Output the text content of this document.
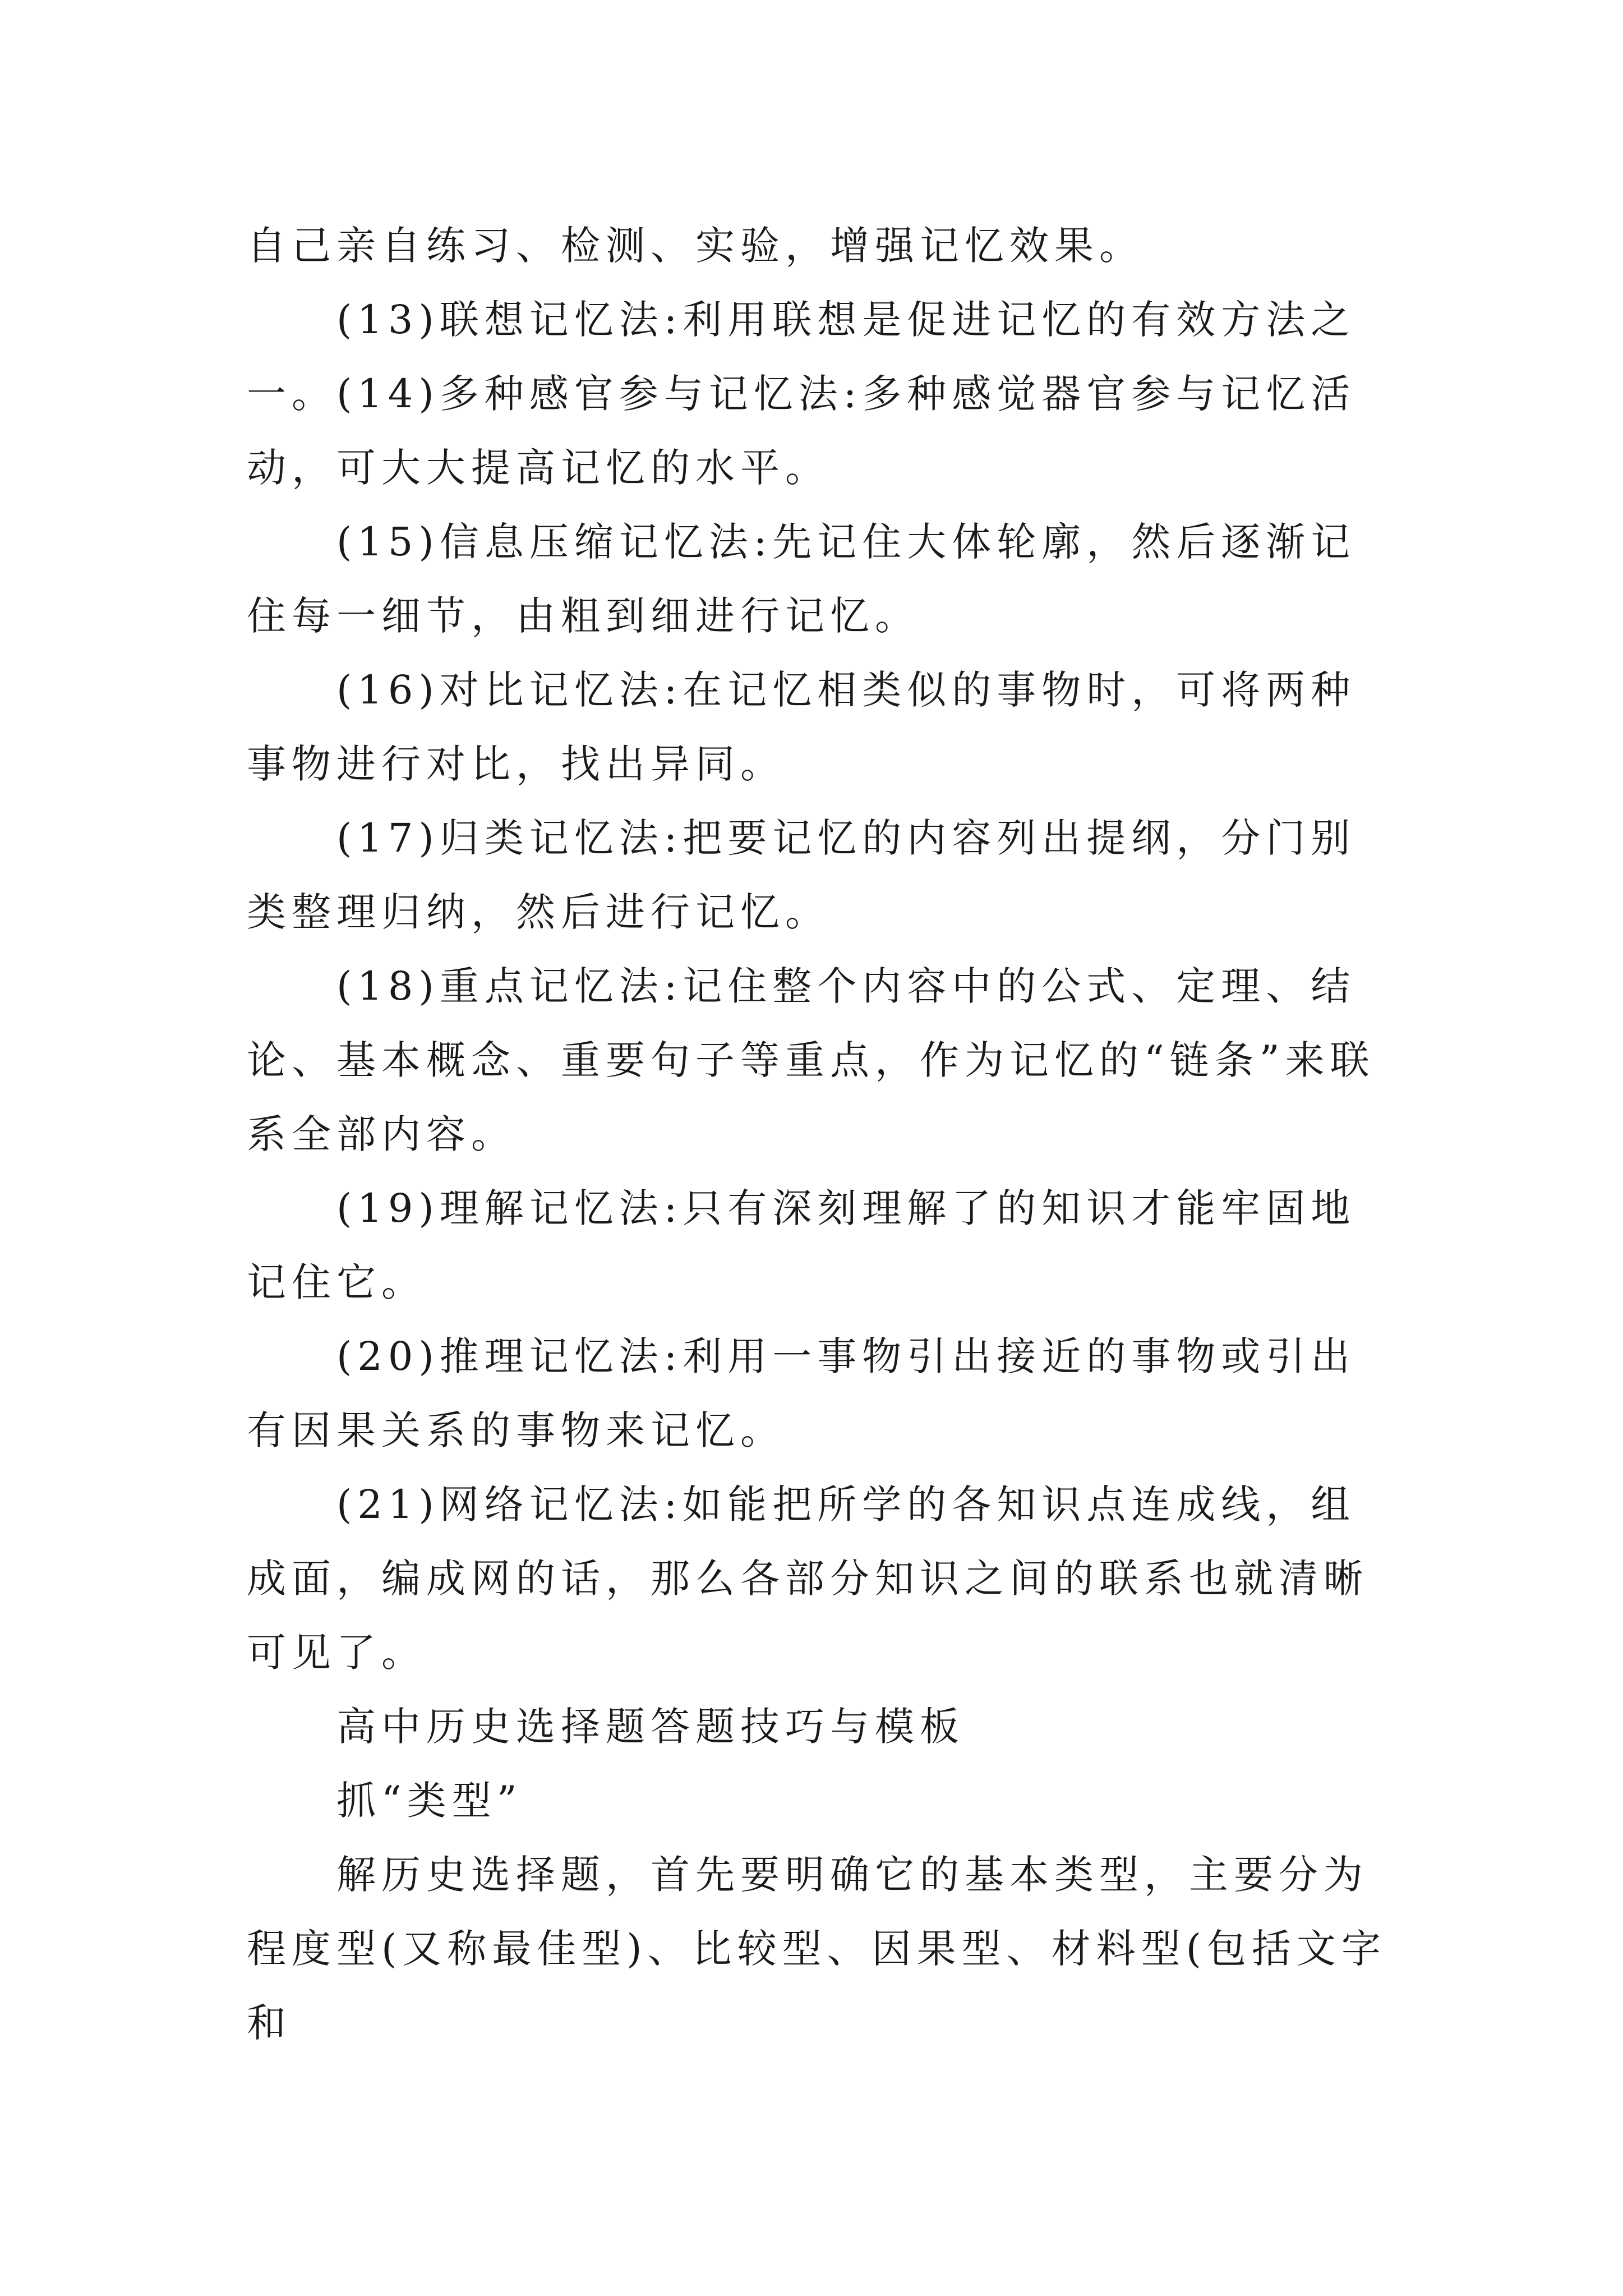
自己亲自练习、检测、实验，增强记忆效果。

(13)联想记忆法:利用联想是促进记忆的有效方法之一。 (14)多种感官参与记忆法:多种感觉器官参与记忆活动，可大大提高记忆的水平。

(15)信息压缩记忆法:先记住大体轮廓，然后逐渐记住每一细节，由粗到细进行记忆。

(16)对比记忆法:在记忆相类似的事物时，可将两种事物进行对比，找出异同。

(17)归类记忆法:把要记忆的内容列出提纲，分门别类整理归纳，然后进行记忆。

(18)重点记忆法:记住整个内容中的公式、定理、结论、基本概念、重要句子等重点，作为记忆的“链条”来联系全部内容。

(19)理解记忆法:只有深刻理解了的知识才能牢固地记住它。

(20)推理记忆法:利用一事物引出接近的事物或引出有因果关系的事物来记忆。

(21)网络记忆法:如能把所学的各知识点连成线，组成面，编成网的话，那么各部分知识之间的联系也就清晰可见了。

高中历史选择题答题技巧与模板

抓“类型”

解历史选择题，首先要明确它的基本类型，主要分为程度型(又称最佳型)、比较型、因果型、材料型(包括文字和
